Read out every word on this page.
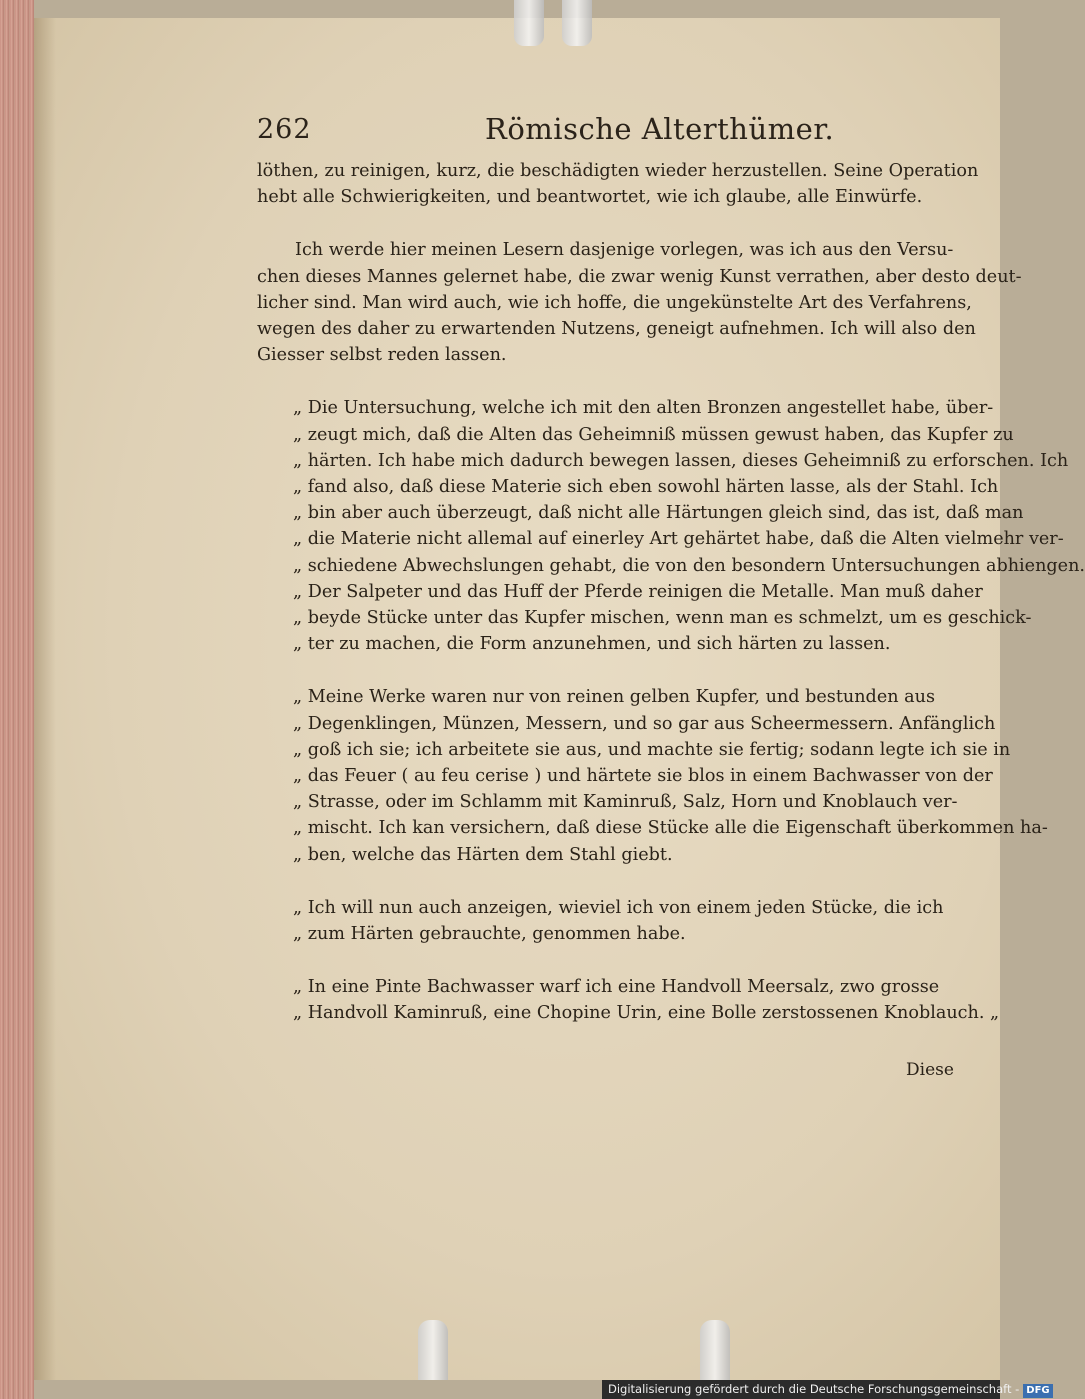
262	Römische Alterthümer.
löthen, zu reinigen, kurz, die beschädigten wieder herzustellen. Seine Operation
hebt alle Schwierigkeiten, und beantwortet, wie ich glaube, alle Einwürfe.
Ich werde hier meinen Lesern dasjenige vorlegen, was ich aus den Versu-
chen dieses Mannes gelernet habe, die zwar wenig Kunst verrathen, aber desto deut-
licher sind. Man wird auch, wie ich hoffe, die ungekünstelte Art des Verfahrens,
wegen des daher zu erwartenden Nutzens, geneigt aufnehmen. Ich will also den
Giesser selbst reden lassen.
„ Die Untersuchung, welche ich mit den alten Bronzen angestellet habe, über-
„ zeugt mich, daß die Alten das Geheimniß müssen gewust haben, das Kupfer zu
„ härten. Ich habe mich dadurch bewegen lassen, dieses Geheimniß zu erforschen. Ich
„ fand also, daß diese Materie sich eben sowohl härten lasse, als der Stahl. Ich
„ bin aber auch überzeugt, daß nicht alle Härtungen gleich sind, das ist, daß man
„ die Materie nicht allemal auf einerley Art gehärtet habe, daß die Alten vielmehr ver-
„ schiedene Abwechslungen gehabt, die von den besondern Untersuchungen abhiengen.
„ Der Salpeter und das Huff der Pferde reinigen die Metalle. Man muß daher
„ beyde Stücke unter das Kupfer mischen, wenn man es schmelzt, um es geschick-
„ ter zu machen, die Form anzunehmen, und sich härten zu lassen.
„ Meine Werke waren nur von reinen gelben Kupfer, und bestunden aus
„ Degenklingen, Münzen, Messern, und so gar aus Scheermessern. Anfänglich
„ goß ich sie; ich arbeitete sie aus, und machte sie fertig; sodann legte ich sie in
„ das Feuer ( au feu cerise ) und härtete sie blos in einem Bachwasser von der
„ Strasse, oder im Schlamm mit Kaminruß, Salz, Horn und Knoblauch ver-
„ mischt. Ich kan versichern, daß diese Stücke alle die Eigenschaft überkommen ha-
„ ben, welche das Härten dem Stahl giebt.
„ Ich will nun auch anzeigen, wieviel ich von einem jeden Stücke, die ich
„ zum Härten gebrauchte, genommen habe.
„ In eine Pinte Bachwasser warf ich eine Handvoll Meersalz, zwo grosse
„ Handvoll Kaminruß, eine Chopine Urin, eine Bolle zerstossenen Knoblauch. „
Diese
Digitalisierung gefördert durch die Deutsche Forschungsgemeinschaft - DFG
